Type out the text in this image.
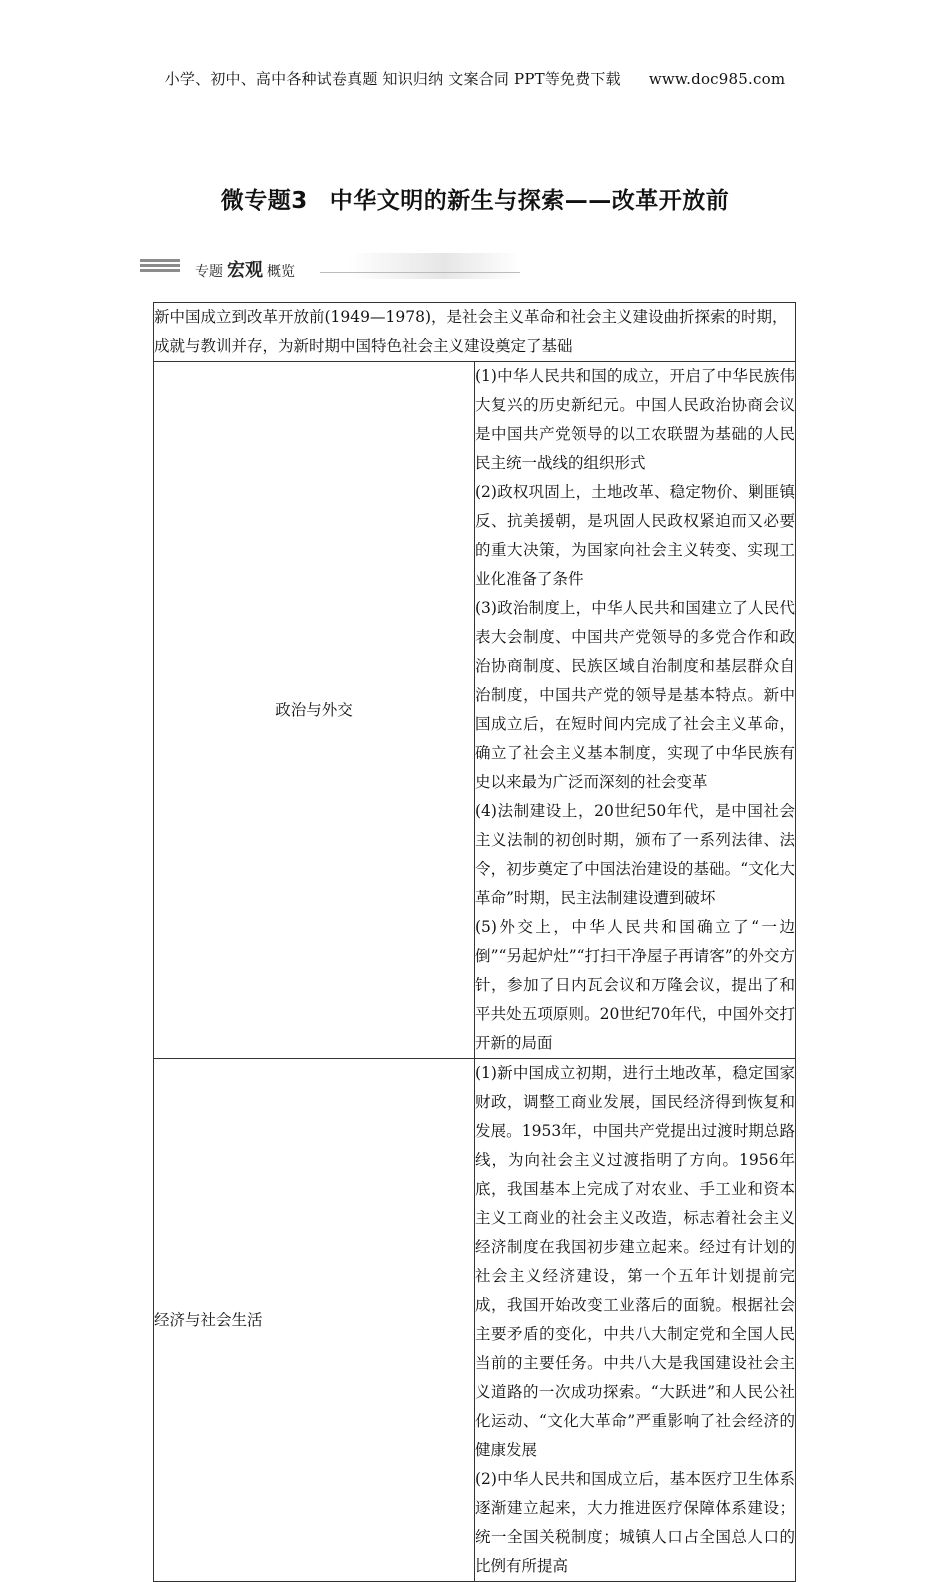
小学、初中、高中各种试卷真题 知识归纳 文案合同 PPT等免费下载 www.doc985.com
微专题3 中华文明的新生与探索——改革开放前
专题 宏观 概览
新中国成立到改革开放前(1949—1978)，是社会主义革命和社会主义建设曲折探索的时期，成就与教训并存，为新时期中国特色社会主义建设奠定了基础	
政治与外交	(1)中华人民共和国的成立，开启了中华民族伟大复兴的历史新纪元。中国人民政治协商会议是中国共产党领导的以工农联盟为基础的人民民主统一战线的组织形式

(2)政权巩固上，土地改革、稳定物价、剿匪镇反、抗美援朝，是巩固人民政权紧迫而又必要的重大决策，为国家向社会主义转变、实现工业化准备了条件

(3)政治制度上，中华人民共和国建立了人民代表大会制度、中国共产党领导的多党合作和政治协商制度、民族区域自治制度和基层群众自治制度，中国共产党的领导是基本特点。新中国成立后，在短时间内完成了社会主义革命，确立了社会主义基本制度，实现了中华民族有史以来最为广泛而深刻的社会变革

(4)法制建设上，20世纪50年代，是中国社会主义法制的初创时期，颁布了一系列法律、法令，初步奠定了中国法治建设的基础。“文化大革命”时期，民主法制建设遭到破坏

(5)外交上，中华人民共和国确立了“一边倒”“另起炉灶”“打扫干净屋子再请客”的外交方针，参加了日内瓦会议和万隆会议，提出了和平共处五项原则。20世纪70年代，中国外交打开新的局面

经济与社会生活	(1)新中国成立初期，进行土地改革，稳定国家财政，调整工商业发展，国民经济得到恢复和发展。1953年，中国共产党提出过渡时期总路线，为向社会主义过渡指明了方向。1956年底，我国基本上完成了对农业、手工业和资本主义工商业的社会主义改造，标志着社会主义经济制度在我国初步建立起来。经过有计划的社会主义经济建设，第一个五年计划提前完成，我国开始改变工业落后的面貌。根据社会主要矛盾的变化，中共八大制定党和全国人民当前的主要任务。中共八大是我国建设社会主义道路的一次成功探索。“大跃进”和人民公社化运动、“文化大革命”严重影响了社会经济的健康发展

(2)中华人民共和国成立后，基本医疗卫生体系逐渐建立起来，大力推进医疗保障体系建设；统一全国关税制度；城镇人口占全国总人口的比例有所提高
